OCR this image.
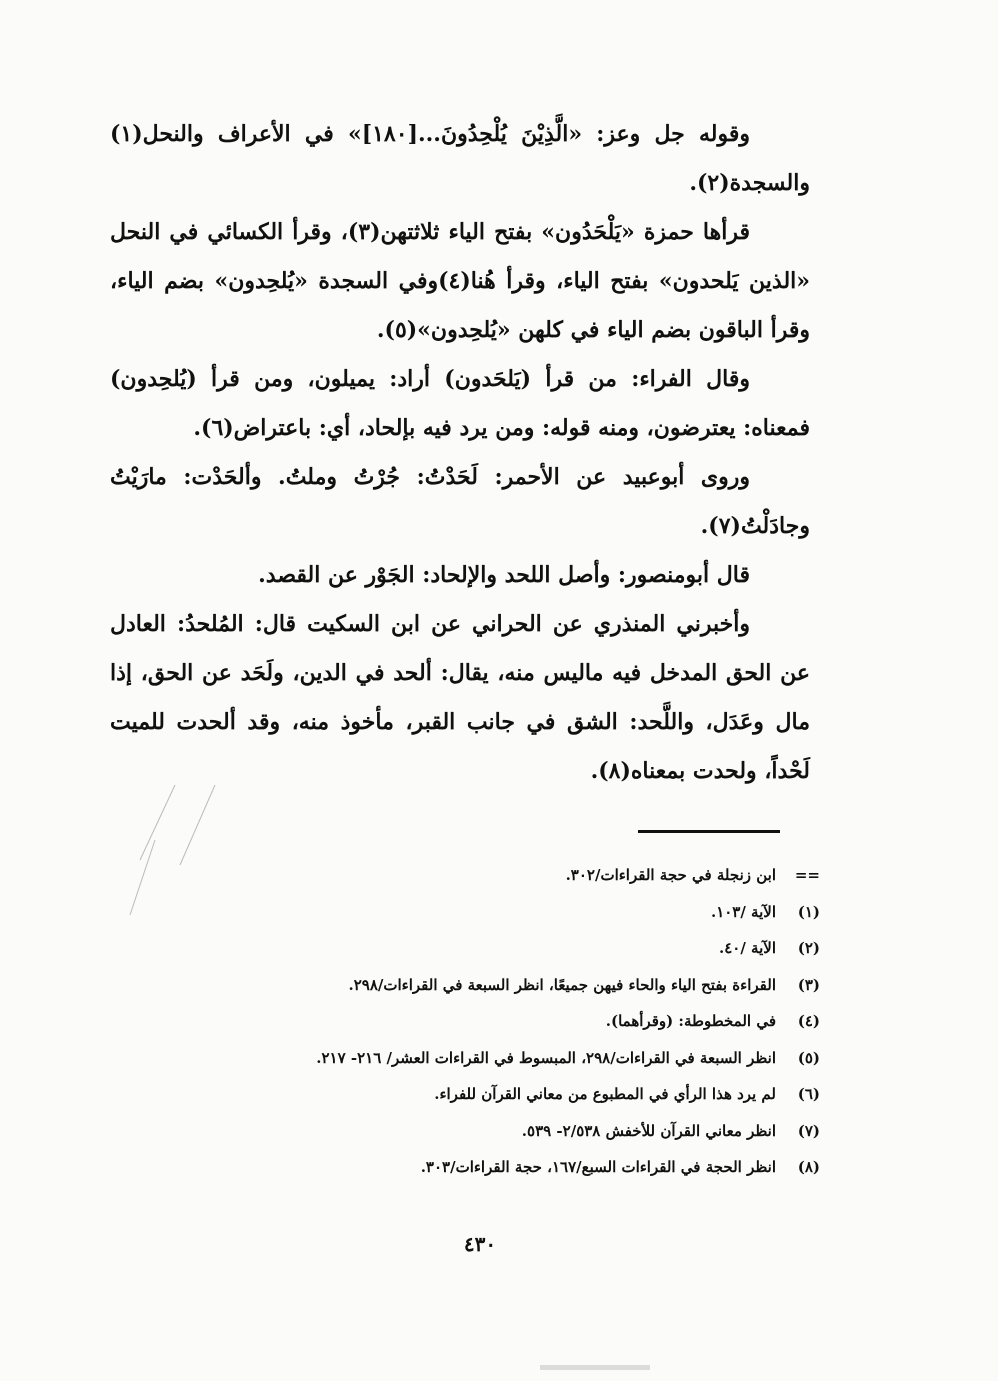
وقوله جل وعز: «الَّذِيْنَ يُلْحِدُونَ...[١٨٠]» في الأعراف والنحل(١) والسجدة(٢).

قرأها حمزة «يَلْحَدُون» بفتح الياء ثلاثتهن(٣)، وقرأ الكسائي في النحل «الذين يَلحدون» بفتح الياء، وقرأ هُنا(٤)وفي السجدة «يُلحِدون» بضم الياء، وقرأ الباقون بضم الياء في كلهن «يُلحِدون»(٥).

وقال الفراء: من قرأ (يَلحَدون) أراد: يميلون، ومن قرأ (يُلحِدون) فمعناه: يعترضون، ومنه قوله: ومن يرد فيه بإلحاد، أي: باعتراض(٦).

وروى أبوعبيد عن الأحمر: لَحَدْتُ: جُرْتُ وملتُ. وألحَدْت: مارَيْتُ وجادَلْتُ(٧).

قال أبومنصور: وأصل اللحد والإلحاد: الجَوْر عن القصد.

وأخبرني المنذري عن الحراني عن ابن السكيت قال: المُلحدُ: العادل عن الحق المدخل فيه ماليس منه، يقال: ألحد في الدين، ولَحَد عن الحق، إذا مال وعَدَل، واللَّحد: الشق في جانب القبر، مأخوذ منه، وقد ألحدت للميت لَحْداً، ولحدت بمعناه(٨).

==
ابن زنجلة في حجة القراءات/٣٠٢.
(١)
الآية /١٠٣.
(٢)
الآية /٤٠.
(٣)
القراءة بفتح الياء والحاء فيهن جميعًا، انظر السبعة في القراءات/٢٩٨.
(٤)
في المخطوطة: (وقرأهما).
(٥)
انظر السبعة في القراءات/٢٩٨، المبسوط في القراءات العشر/ ٢١٦- ٢١٧.
(٦)
لم يرد هذا الرأي في المطبوع من معاني القرآن للفراء.
(٧)
انظر معاني القرآن للأخفش ٢/٥٣٨- ٥٣٩.
(٨)
انظر الحجة في القراءات السبع/١٦٧، حجة القراءات/٣٠٣.
٤٣٠
